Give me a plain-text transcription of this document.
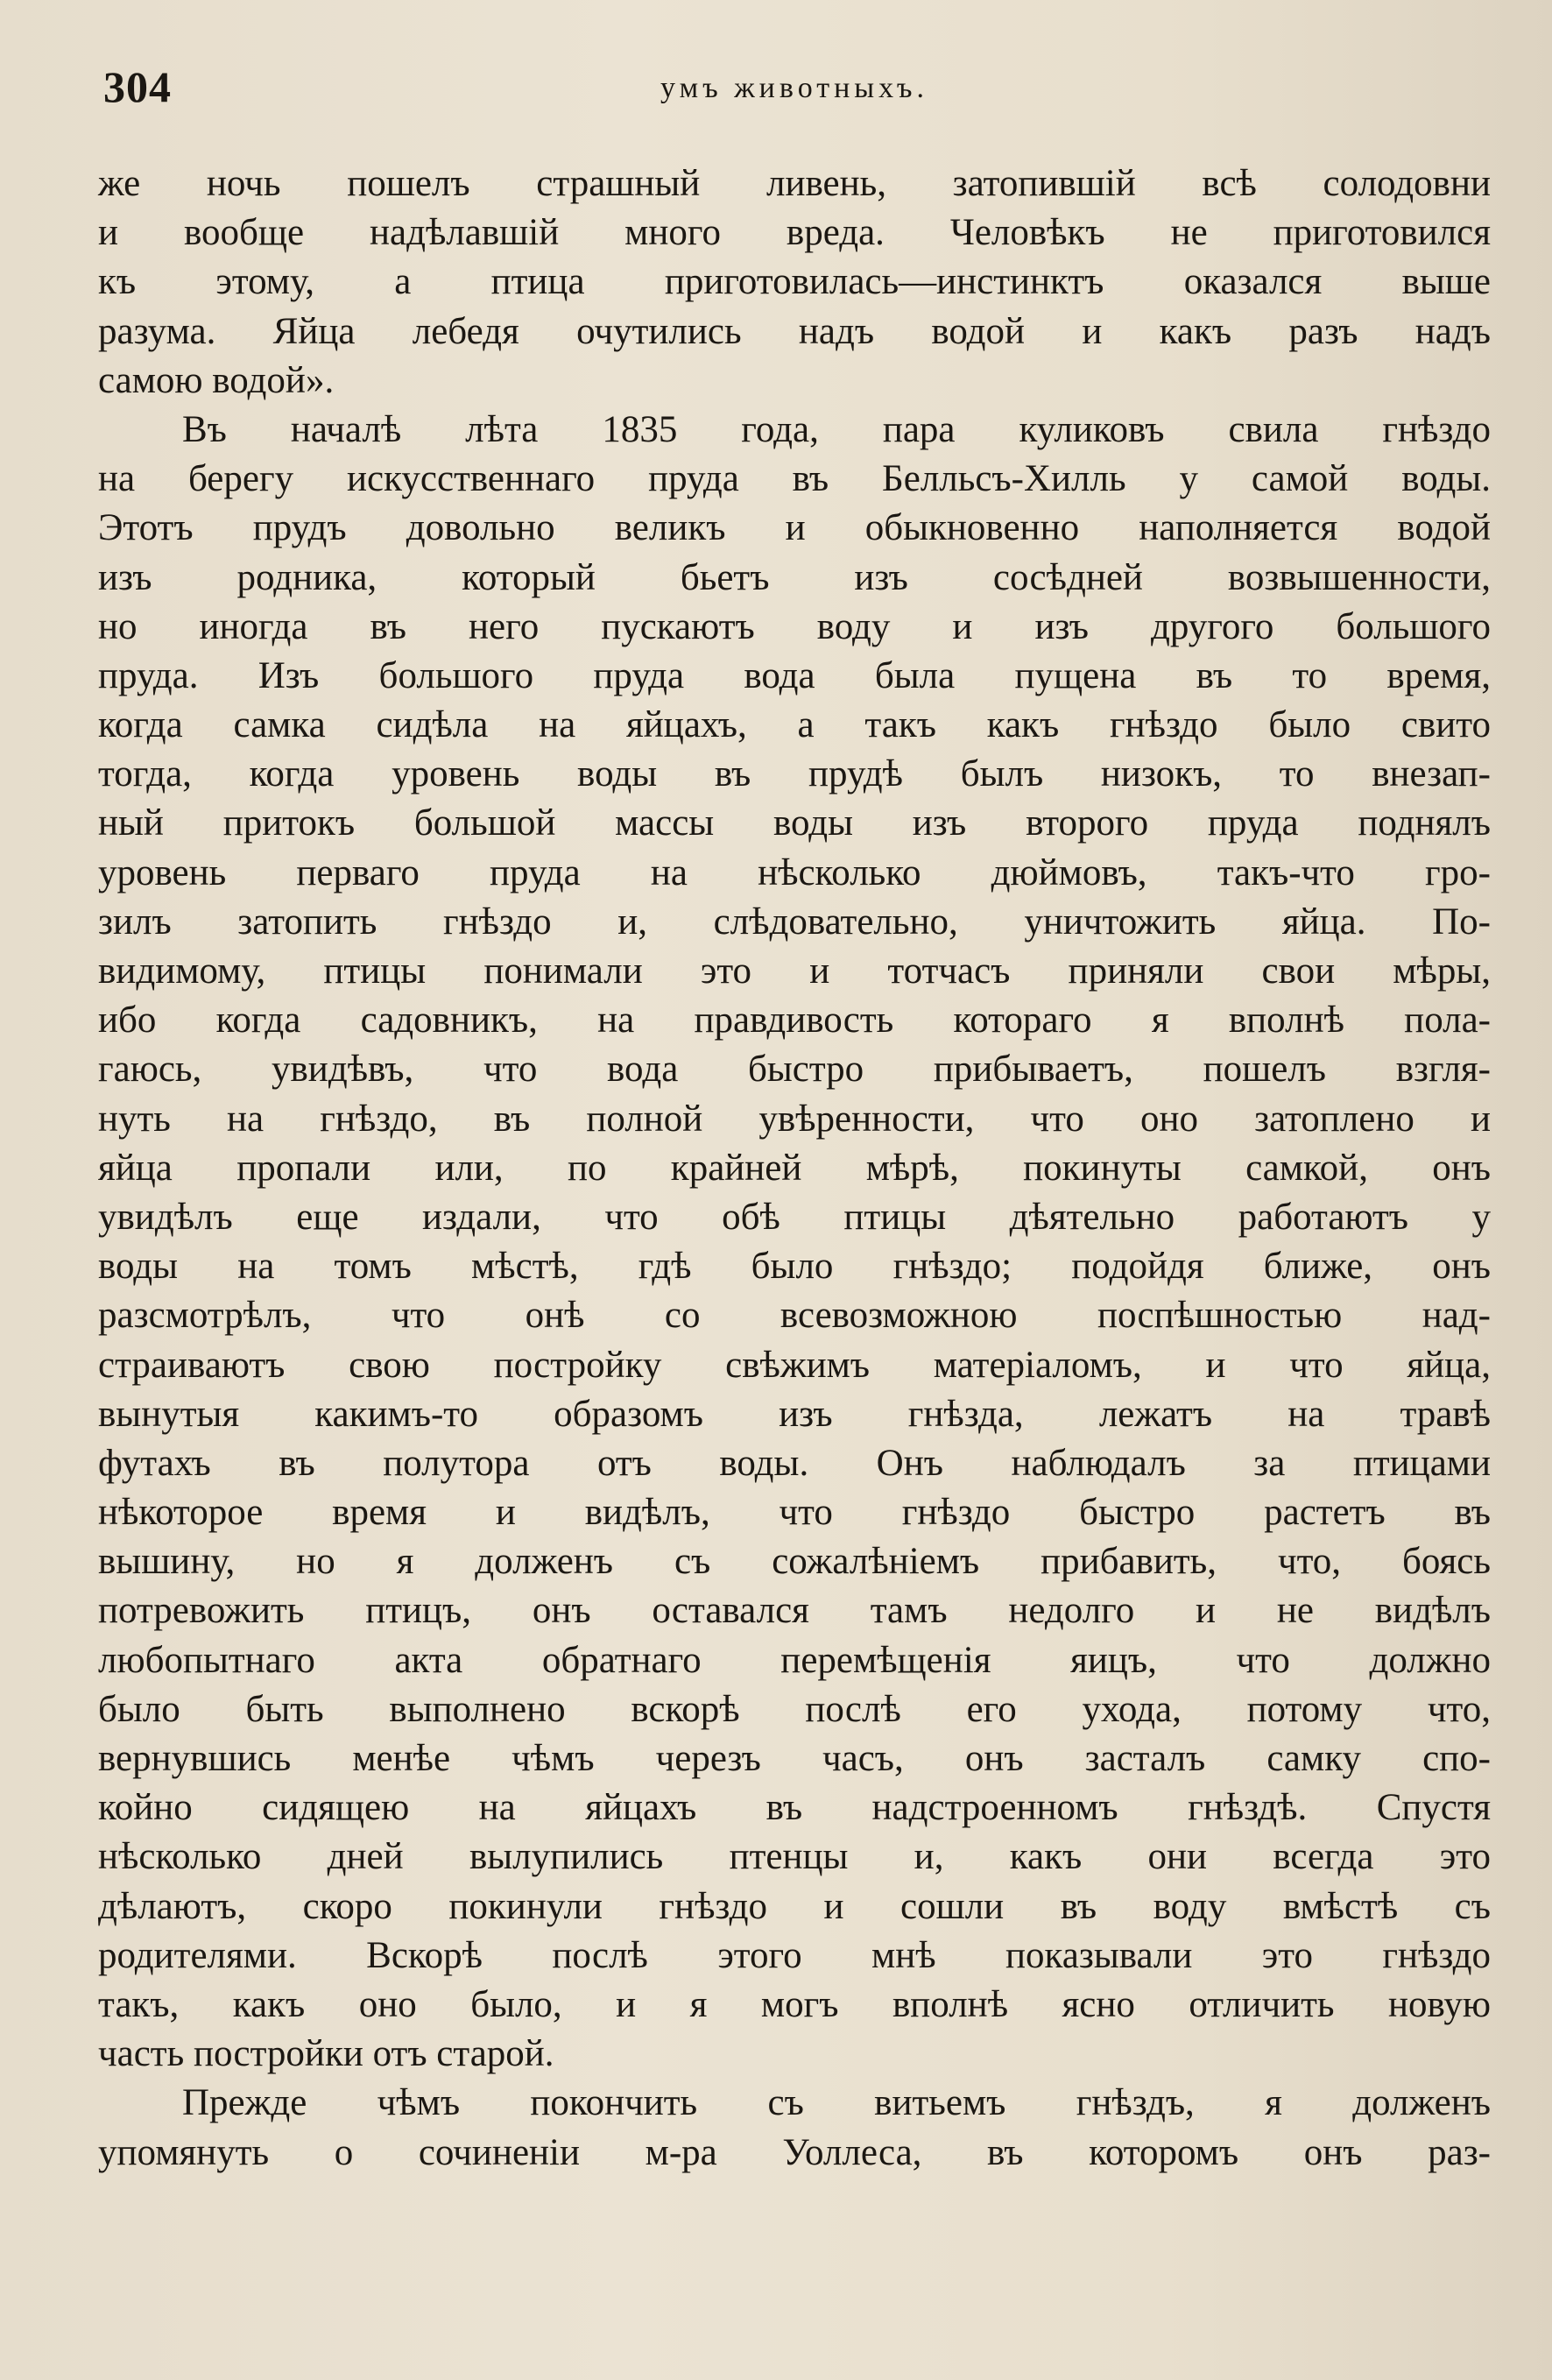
304	умъ животныхъ.
же ночь пошелъ страшный ливень, затопившій всѣ солодовни
и вообще надѣлавшій много вреда. Человѣкъ не приготовился
къ этому, а птица приготовилась—инстинктъ оказался выше
разума. Яйца лебедя очутились надъ водой и какъ разъ надъ
самою водой».
Въ началѣ лѣта 1835 года, пара куликовъ свила гнѣздо
на берегу искусственнаго пруда въ Белльсъ-Хилль у самой воды.
Этотъ прудъ довольно великъ и обыкновенно наполняется водой
изъ родника, который бьетъ изъ сосѣдней возвышенности,
но иногда въ него пускаютъ воду и изъ другого большого
пруда. Изъ большого пруда вода была пущена въ то время,
когда самка сидѣла на яйцахъ, а такъ какъ гнѣздо было свито
тогда, когда уровень воды въ прудѣ былъ низокъ, то внезап-
ный притокъ большой массы воды изъ второго пруда поднялъ
уровень перваго пруда на нѣсколько дюймовъ, такъ-что гро-
зилъ затопить гнѣздо и, слѣдовательно, уничтожить яйца. По-
видимому, птицы понимали это и тотчасъ приняли свои мѣры,
ибо когда садовникъ, на правдивость котораго я вполнѣ пола-
гаюсь, увидѣвъ, что вода быстро прибываетъ, пошелъ взгля-
нуть на гнѣздо, въ полной увѣренности, что оно затоплено и
яйца пропали или, по крайней мѣрѣ, покинуты самкой, онъ
увидѣлъ еще издали, что обѣ птицы дѣятельно работаютъ у
воды на томъ мѣстѣ, гдѣ было гнѣздо; подойдя ближе, онъ
разсмотрѣлъ, что онѣ со всевозможною поспѣшностью над-
страиваютъ свою постройку свѣжимъ матеріаломъ, и что яйца,
вынутыя какимъ-то образомъ изъ гнѣзда, лежатъ на травѣ
футахъ въ полутора отъ воды. Онъ наблюдалъ за птицами
нѣкоторое время и видѣлъ, что гнѣздо быстро растетъ въ
вышину, но я долженъ съ сожалѣніемъ прибавить, что, боясь
потревожить птицъ, онъ оставался тамъ недолго и не видѣлъ
любопытнаго акта обратнаго перемѣщенія яицъ, что должно
было быть выполнено вскорѣ послѣ его ухода, потому что,
вернувшись менѣе чѣмъ черезъ часъ, онъ засталъ самку спо-
койно сидящею на яйцахъ въ надстроенномъ гнѣздѣ. Спустя
нѣсколько дней вылупились птенцы и, какъ они всегда это
дѣлаютъ, скоро покинули гнѣздо и сошли въ воду вмѣстѣ съ
родителями. Вскорѣ послѣ этого мнѣ показывали это гнѣздо
такъ, какъ оно было, и я могъ вполнѣ ясно отличить новую
часть постройки отъ старой.
Прежде чѣмъ покончить съ витьемъ гнѣздъ, я долженъ
упомянуть о сочиненіи м-ра Уоллеса, въ которомъ онъ раз-
